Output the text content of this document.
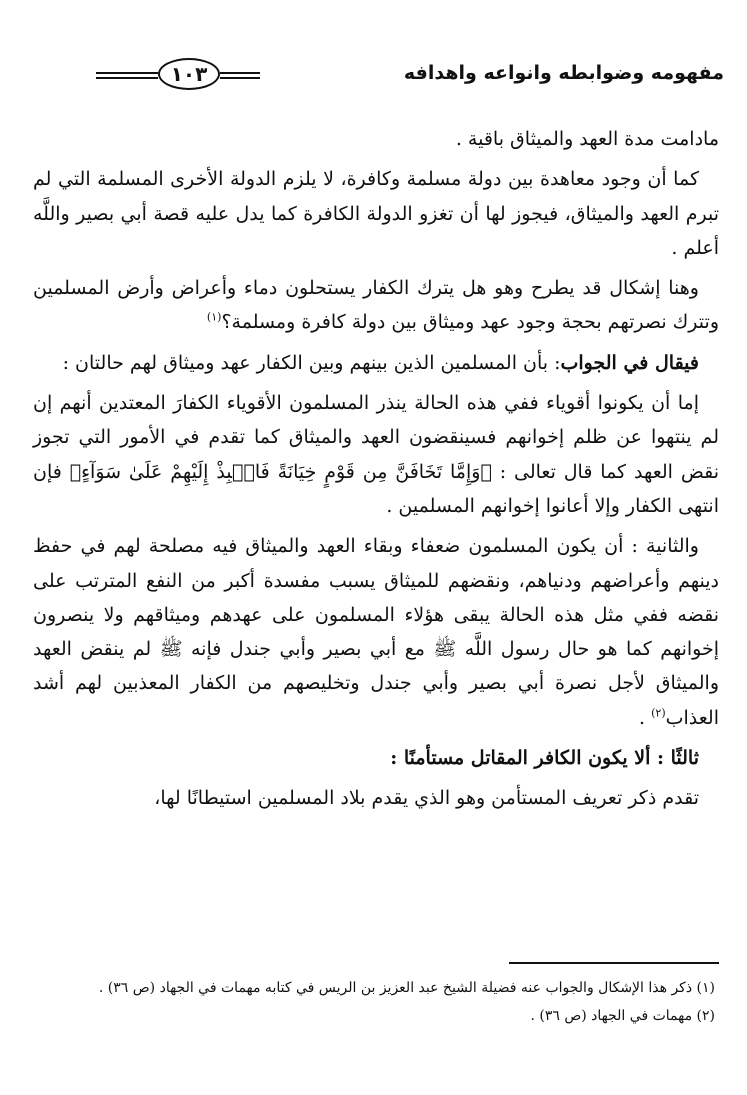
١٠٣	مفهومه وضوابطه وانواعه واهدافه

مادامت مدة العهد والميثاق باقية .

كما أن وجود معاهدة بين دولة مسلمة وكافرة، لا يلزم الدولة الأخرى المسلمة التي لم تبرم العهد والميثاق، فيجوز لها أن تغزو الدولة الكافرة كما يدل عليه قصة أبي بصير واللَّه أعلم .

وهنا إشكال قد يطرح وهو هل يترك الكفار يستحلون دماء وأعراض وأرض المسلمين وتترك نصرتهم بحجة وجود عهد وميثاق بين دولة كافرة ومسلمة؟$^{(١)}$

فيقال في الجواب: بأن المسلمين الذين بينهم وبين الكفار عهد وميثاق لهم حالتان :

إما أن يكونوا أقوياء ففي هذه الحالة ينذر المسلمون الأقوياء الكفارَ المعتدين أنهم إن لم ينتهوا عن ظلم إخوانهم فسينقضون العهد والميثاق كما تقدم في الأمور التي تجوز نقض العهد كما قال تعالى : ﴿وَإِمَّا تَخَافَنَّ مِن قَوْمٍ خِيَانَةً فَانۢبِذْ إِلَيْهِمْ عَلَىٰ سَوَآءٍ﴾ فإن انتهى الكفار وإلا أعانوا إخوانهم المسلمين .

والثانية : أن يكون المسلمون ضعفاء وبقاء العهد والميثاق فيه مصلحة لهم في حفظ دينهم وأعراضهم ودنياهم، ونقضهم للميثاق يسبب مفسدة أكبر من النفع المترتب على نقضه ففي مثل هذه الحالة يبقى هؤلاء المسلمون على عهدهم وميثاقهم ولا ينصرون إخوانهم كما هو حال رسول اللَّه ﷺ مع أبي بصير وأبي جندل فإنه ﷺ لم ينقض العهد والميثاق لأجل نصرة أبي بصير وأبي جندل وتخليصهم من الكفار المعذبين لهم أشد العذاب$^{(٢)}$ .

ثالثًا : ألا يكون الكافر المقاتل مستأمنًا :

تقدم ذكر تعريف المستأمن وهو الذي يقدم بلاد المسلمين استيطانًا لها،

(١) ذكر هذا الإشكال والجواب عنه فضيلة الشيخ عبد العزيز بن الريس في كتابه مهمات في الجهاد (ص ٣٦) .
(٢) مهمات في الجهاد (ص ٣٦) .
